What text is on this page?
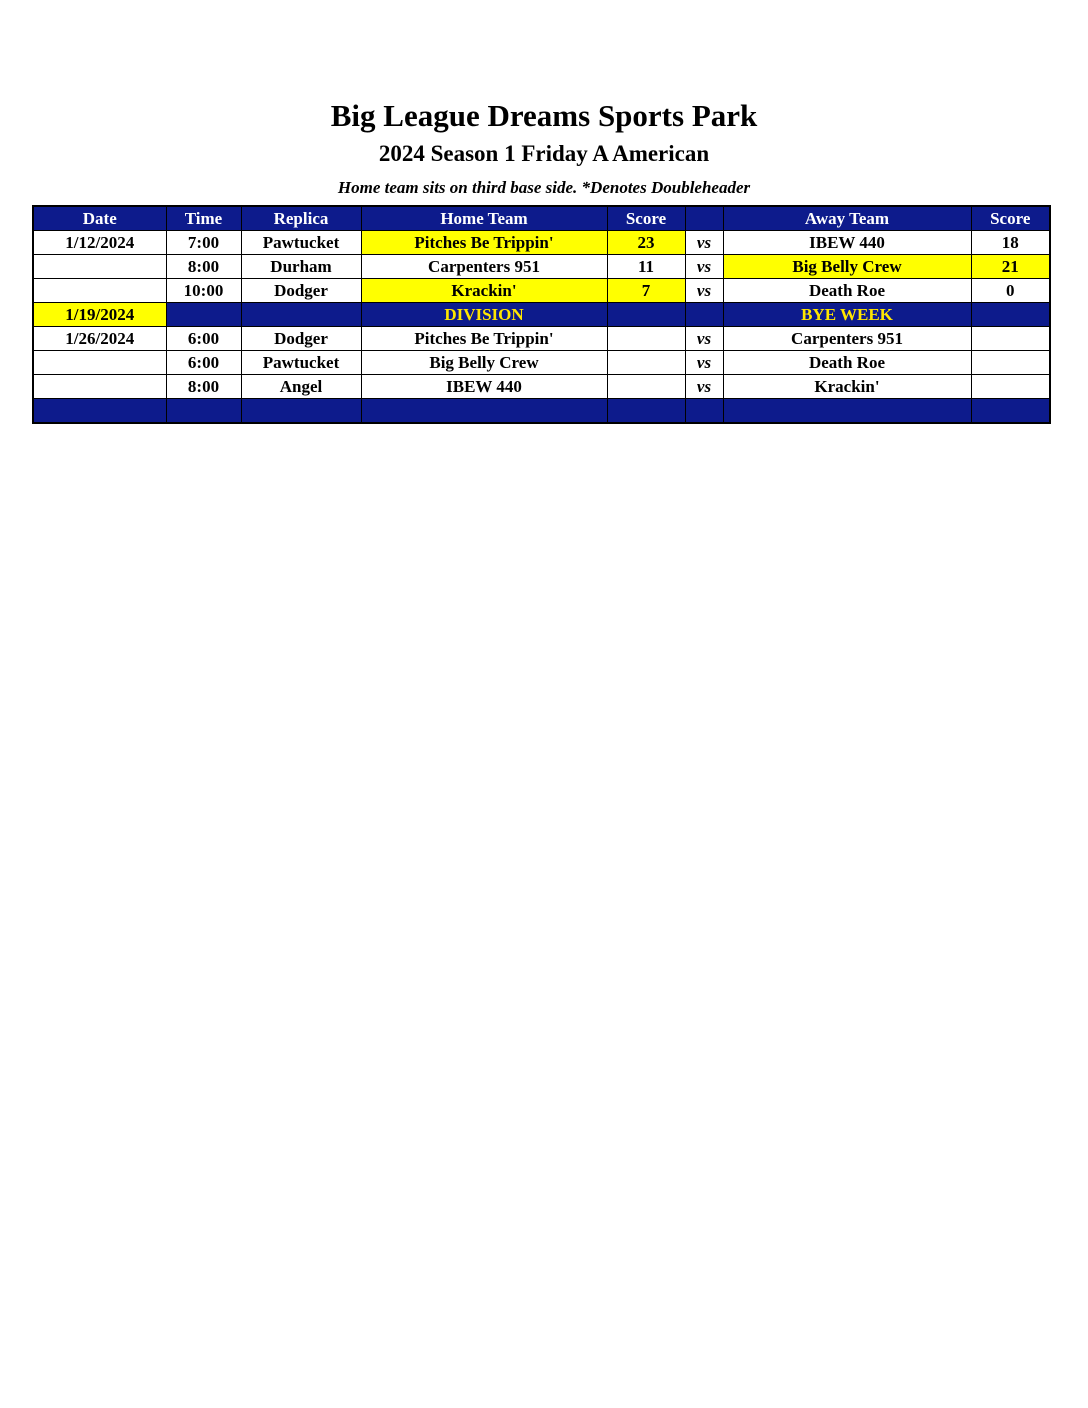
Big League Dreams Sports Park
2024 Season 1 Friday A American

Home team sits on third base side. *Denotes Doubleheader

Date	Time	Replica	Home Team	Score		Away Team	Score
1/12/2024	7:00	Pawtucket	Pitches Be Trippin'	23	vs	IBEW 440	18
	8:00	Durham	Carpenters 951	11	vs	Big Belly Crew	21
	10:00	Dodger	Krackin'	7	vs	Death Roe	0
1/19/2024			DIVISION			BYE WEEK	
1/26/2024	6:00	Dodger	Pitches Be Trippin'		vs	Carpenters 951	
	6:00	Pawtucket	Big Belly Crew		vs	Death Roe	
	8:00	Angel	IBEW 440		vs	Krackin'	
